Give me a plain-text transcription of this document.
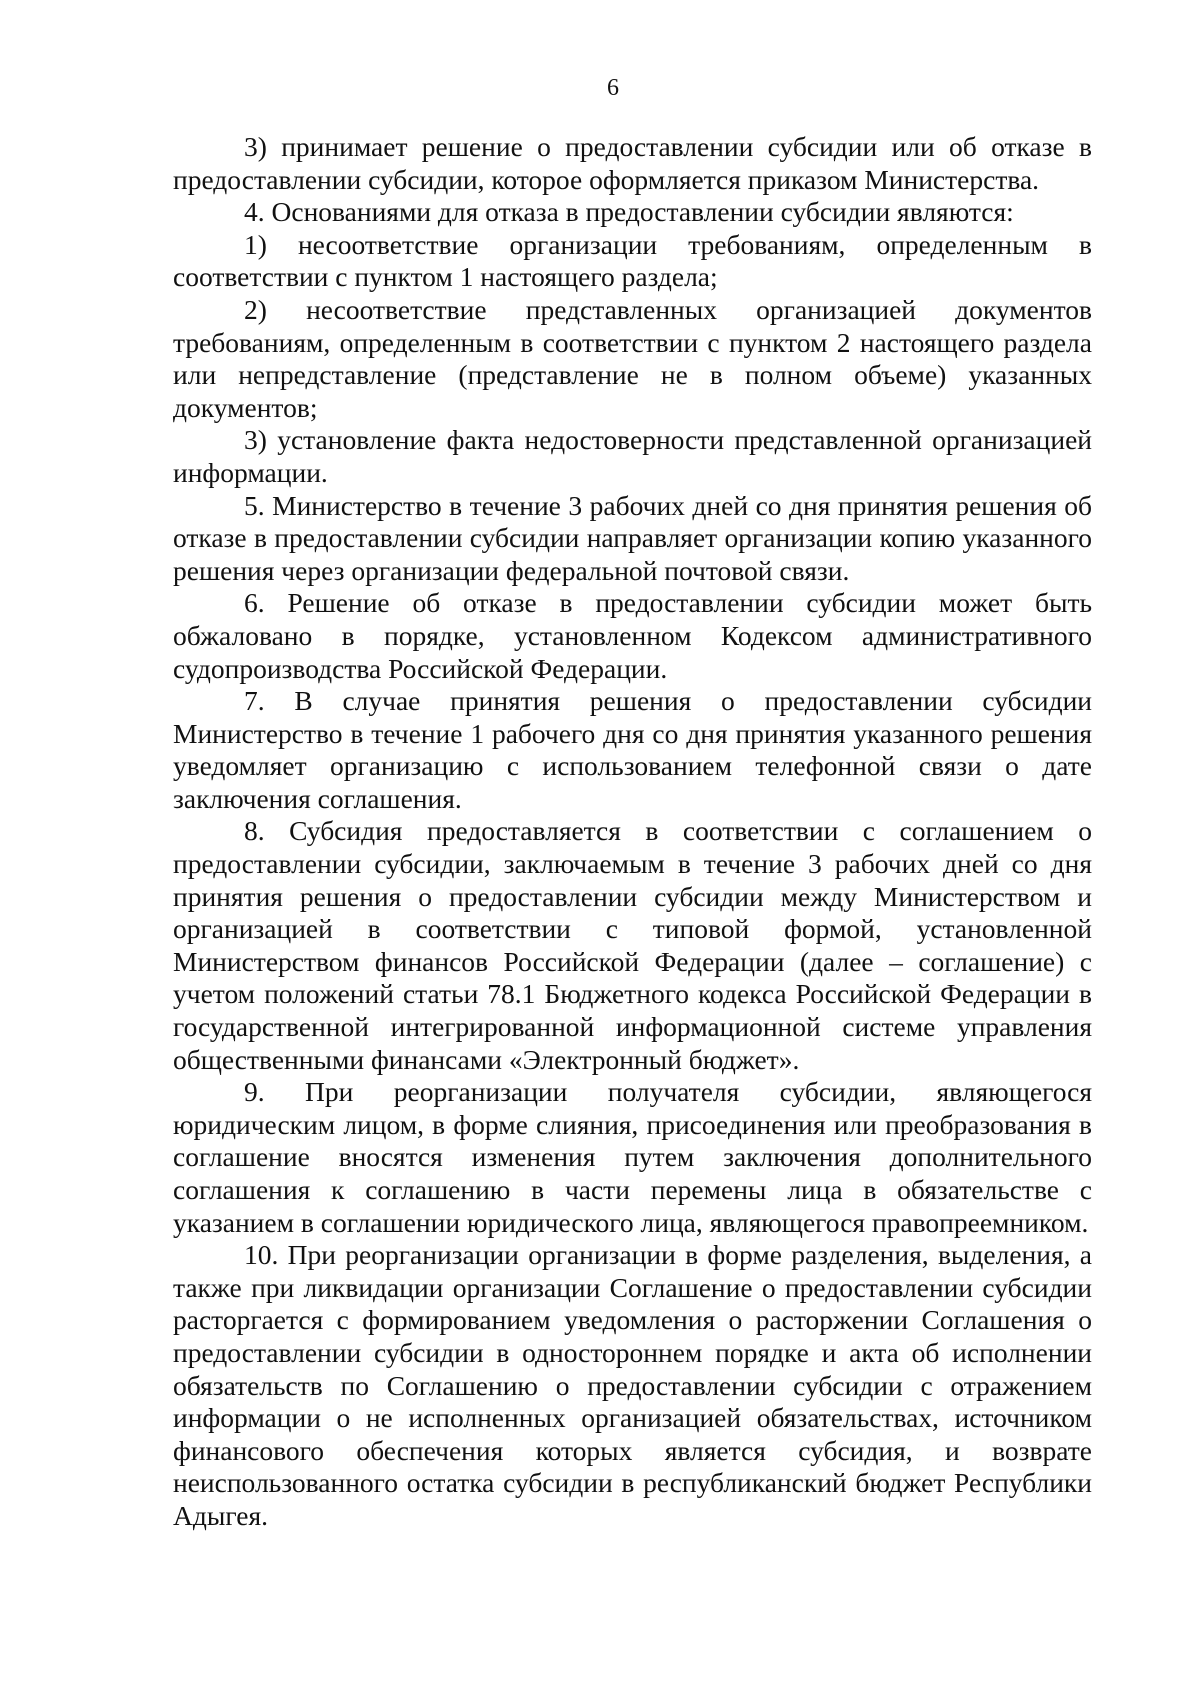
6

3) принимает решение о предоставлении субсидии или об отказе в предоставлении субсидии, которое оформляется приказом Министерства.

4. Основаниями для отказа в предоставлении субсидии являются:

1) несоответствие организации требованиям, определенным в соответствии с пунктом 1 настоящего раздела;

2) несоответствие представленных организацией документов требованиям, определенным в соответствии с пунктом 2 настоящего раздела или непредставление (представление не в полном объеме) указанных документов;

3) установление факта недостоверности представленной организацией информации.

5. Министерство в течение 3 рабочих дней со дня принятия решения об отказе в предоставлении субсидии направляет организации копию указанного решения через организации федеральной почтовой связи.

6. Решение об отказе в предоставлении субсидии может быть обжаловано в порядке, установленном Кодексом административного судопроизводства Российской Федерации.

7. В случае принятия решения о предоставлении субсидии Министерство в течение 1 рабочего дня со дня принятия указанного решения уведомляет организацию с использованием телефонной связи о дате заключения соглашения.

8. Субсидия предоставляется в соответствии с соглашением о предоставлении субсидии, заключаемым в течение 3 рабочих дней со дня принятия решения о предоставлении субсидии между Министерством и организацией в соответствии с типовой формой, установленной Министерством финансов Российской Федерации (далее – соглашение) с учетом положений статьи 78.1 Бюджетного кодекса Российской Федерации в государственной интегрированной информационной системе управления общественными финансами «Электронный бюджет».

9. При реорганизации получателя субсидии, являющегося юридическим лицом, в форме слияния, присоединения или преобразования в соглашение вносятся изменения путем заключения дополнительного соглашения к соглашению в части перемены лица в обязательстве с указанием в соглашении юридического лица, являющегося правопреемником.

10. При реорганизации организации в форме разделения, выделения, а также при ликвидации организации Соглашение о предоставлении субсидии расторгается с формированием уведомления о расторжении Соглашения о предоставлении субсидии в одностороннем порядке и акта об исполнении обязательств по Соглашению о предоставлении субсидии с отражением информации о не исполненных организацией обязательствах, источником финансового обеспечения которых является субсидия, и возврате неиспользованного остатка субсидии в республиканский бюджет Республики Адыгея.
